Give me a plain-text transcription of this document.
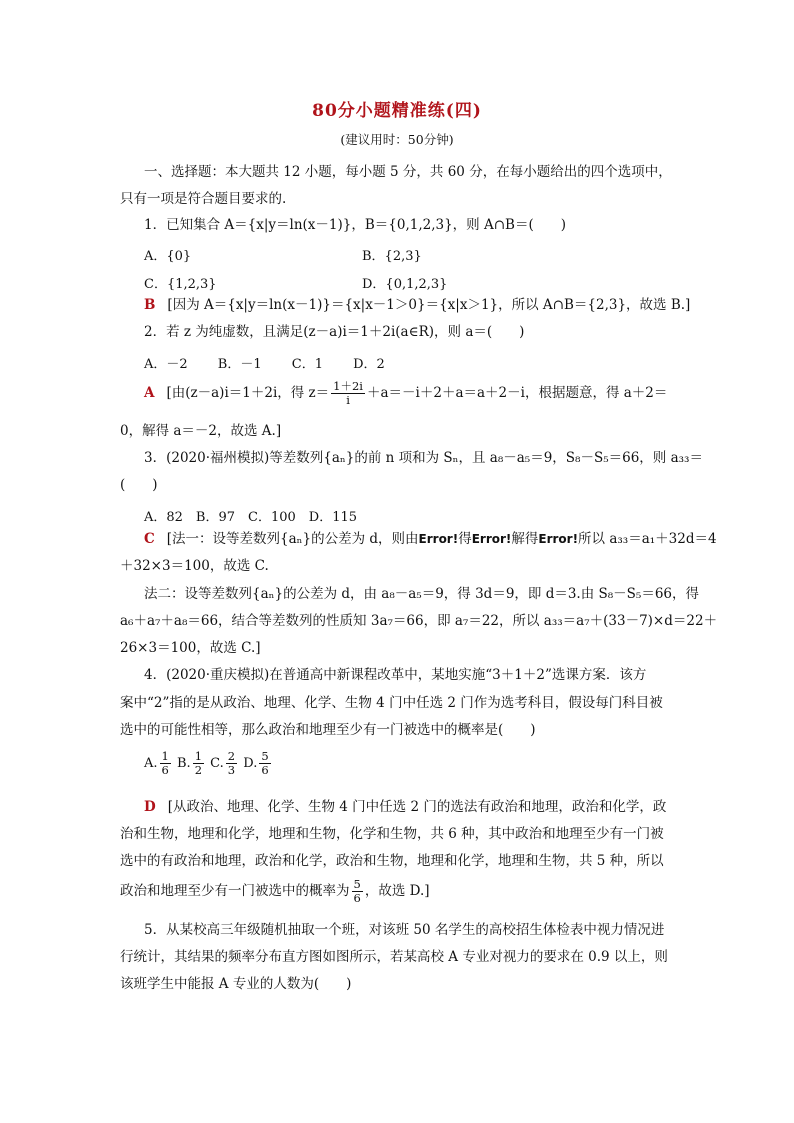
80分小题精准练(四)
(建议用时：50分钟)
一、选择题：本大题共 12 小题，每小题 5 分，共 60 分，在每小题给出的四个选项中，
只有一项是符合题目要求的.
1．已知集合 A＝{x|y＝ln(x－1)}，B＝{0,1,2,3}，则 A∩B＝(　　)
A．{0}	B．{2,3}
C．{1,2,3}	D．{0,1,2,3}
B [因为 A＝{x|y＝ln(x－1)}＝{x|x－1＞0}＝{x|x＞1}，所以 A∩B＝{2,3}，故选 B.]
2．若 z 为纯虚数，且满足(z－a)i＝1＋2i(a∈R)，则 a＝(　　)
A．－2　　 B．－1　　 C．1　　 D．2
A [由(z－a)i＝1＋2i，得 $z= \frac{1+2i}{i} +a=-i+2+a=a+2-i$，根据题意，得 a＋2＝
0，解得 a＝－2，故选 A.]
3．(2020·福州模拟)等差数列{aₙ}的前 n 项和为 Sₙ，且 a₈－a₅＝9，S₈－S₅＝66，则 a₃₃＝
(　　)
A．82　B．97　C．100　D．115
C [法一：设等差数列{aₙ}的公差为 d，则由Error!得Error!解得Error!所以 a₃₃＝a₁＋32d＝4
＋32×3＝100，故选 C.
法二：设等差数列{aₙ}的公差为 d，由 a₈－a₅＝9，得 3d＝9，即 d＝3.由 S₈－S₅＝66，得
a₆＋a₇＋a₈＝66，结合等差数列的性质知 3a₇＝66，即 a₇＝22，所以 a₃₃＝a₇＋(33－7)×d＝22＋
26×3＝100，故选 C.]
4．(2020·重庆模拟)在普通高中新课程改革中，某地实施“3＋1＋2”选课方案．该方
案中“2”指的是从政治、地理、化学、生物 4 门中任选 2 门作为选考科目，假设每门科目被
选中的可能性相等，那么政治和地理至少有一门被选中的概率是(　　)
A. $\frac{1}{6} B$. $\frac{1}{2} C$. $\frac{2}{3} D$. $\frac{5}{6}$
D [从政治、地理、化学、生物 4 门中任选 2 门的选法有政治和地理，政治和化学，政
治和生物，地理和化学，地理和生物，化学和生物，共 6 种，其中政治和地理至少有一门被
选中的有政治和地理，政治和化学，政治和生物，地理和化学，地理和生物，共 5 种，所以
政治和地理至少有一门被选中的概率为 $\frac{5}{6}$ ，故选 D.]
5．从某校高三年级随机抽取一个班，对该班 50 名学生的高校招生体检表中视力情况进
行统计，其结果的频率分布直方图如图所示，若某高校 A 专业对视力的要求在 0.9 以上，则
该班学生中能报 A 专业的人数为(　　)
